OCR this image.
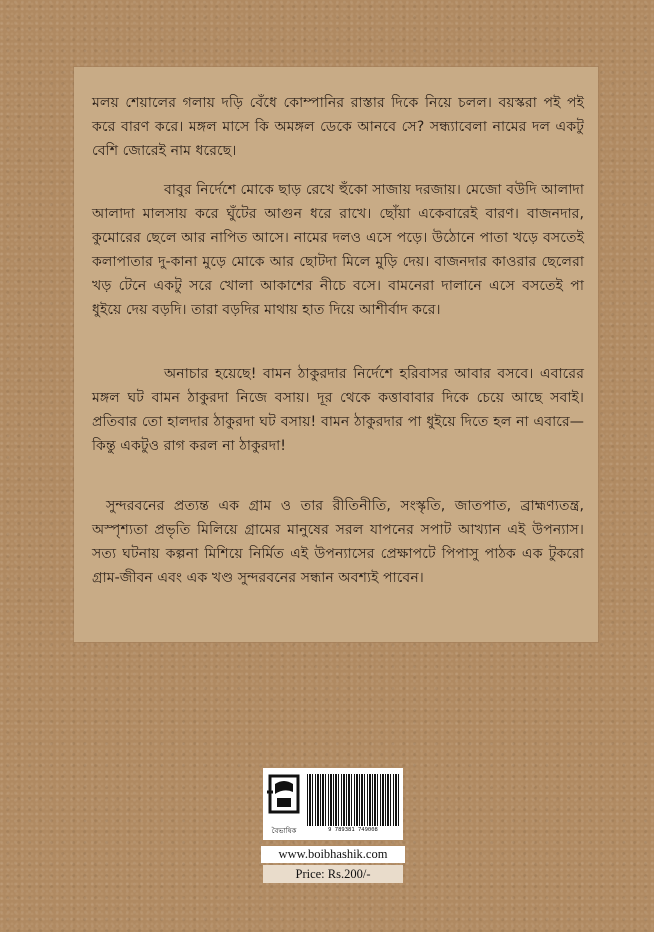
মলয় শেয়ালের গলায় দড়ি বেঁধে কোম্পানির রাস্তার দিকে নিয়ে চলল। বয়স্করা পই পই করে বারণ করে। মঙ্গল মাসে কি অমঙ্গল ডেকে আনবে সে? সন্ধ্যাবেলা নামের দল একটু বেশি জোরেই নাম ধরেছে।

বাবুর নির্দেশে মোকে ছাড় রেখে হুঁকো সাজায় দরজায়। মেজো বউদি আলাদা আলাদা মালসায় করে ঘুঁটের আগুন ধরে রাখে। ছোঁয়া একেবারেই বারণ। বাজনদার, কুমোরের ছেলে আর নাপিত আসে। নামের দলও এসে পড়ে। উঠোনে পাতা খড়ে বসতেই কলাপাতার দু-কানা মুড়ে মোকে আর ছোটদা মিলে মুড়ি দেয়। বাজনদার কাওরার ছেলেরা খড় টেনে একটু সরে খোলা আকাশের নীচে বসে। বামনেরা দালানে এসে বসতেই পা ধুইয়ে দেয় বড়দি। তারা বড়দির মাথায় হাত দিয়ে আশীর্বাদ করে।

অনাচার হয়েছে! বামন ঠাকুরদার নির্দেশে হরিবাসর আবার বসবে। এবারের মঙ্গল ঘট বামন ঠাকুরদা নিজে বসায়। দূর থেকে কত্তাবাবার দিকে চেয়ে আছে সবাই। প্রতিবার তো হালদার ঠাকুরদা ঘট বসায়! বামন ঠাকুরদার পা ধুইয়ে দিতে হল না এবারে—কিন্তু একটুও রাগ করল না ঠাকুরদা!

সুন্দরবনের প্রত্যন্ত এক গ্রাম ও তার রীতিনীতি, সংস্কৃতি, জাতপাত, ব্রাহ্মণ্যতন্ত্র, অস্পৃশ্যতা প্রভৃতি মিলিয়ে গ্রামের মানুষের সরল যাপনের সপাট আখ্যান এই উপন্যাস। সত্য ঘটনায় কল্পনা মিশিয়ে নির্মিত এই উপন্যাসের প্রেক্ষাপটে পিপাসু পাঠক এক টুকরো গ্রাম-জীবন এবং এক খণ্ড সুন্দরবনের সন্ধান অবশ্যই পাবেন।

বৈভাষিক	9 789381 749008
www.boibhashik.com
Price: Rs.200/-
